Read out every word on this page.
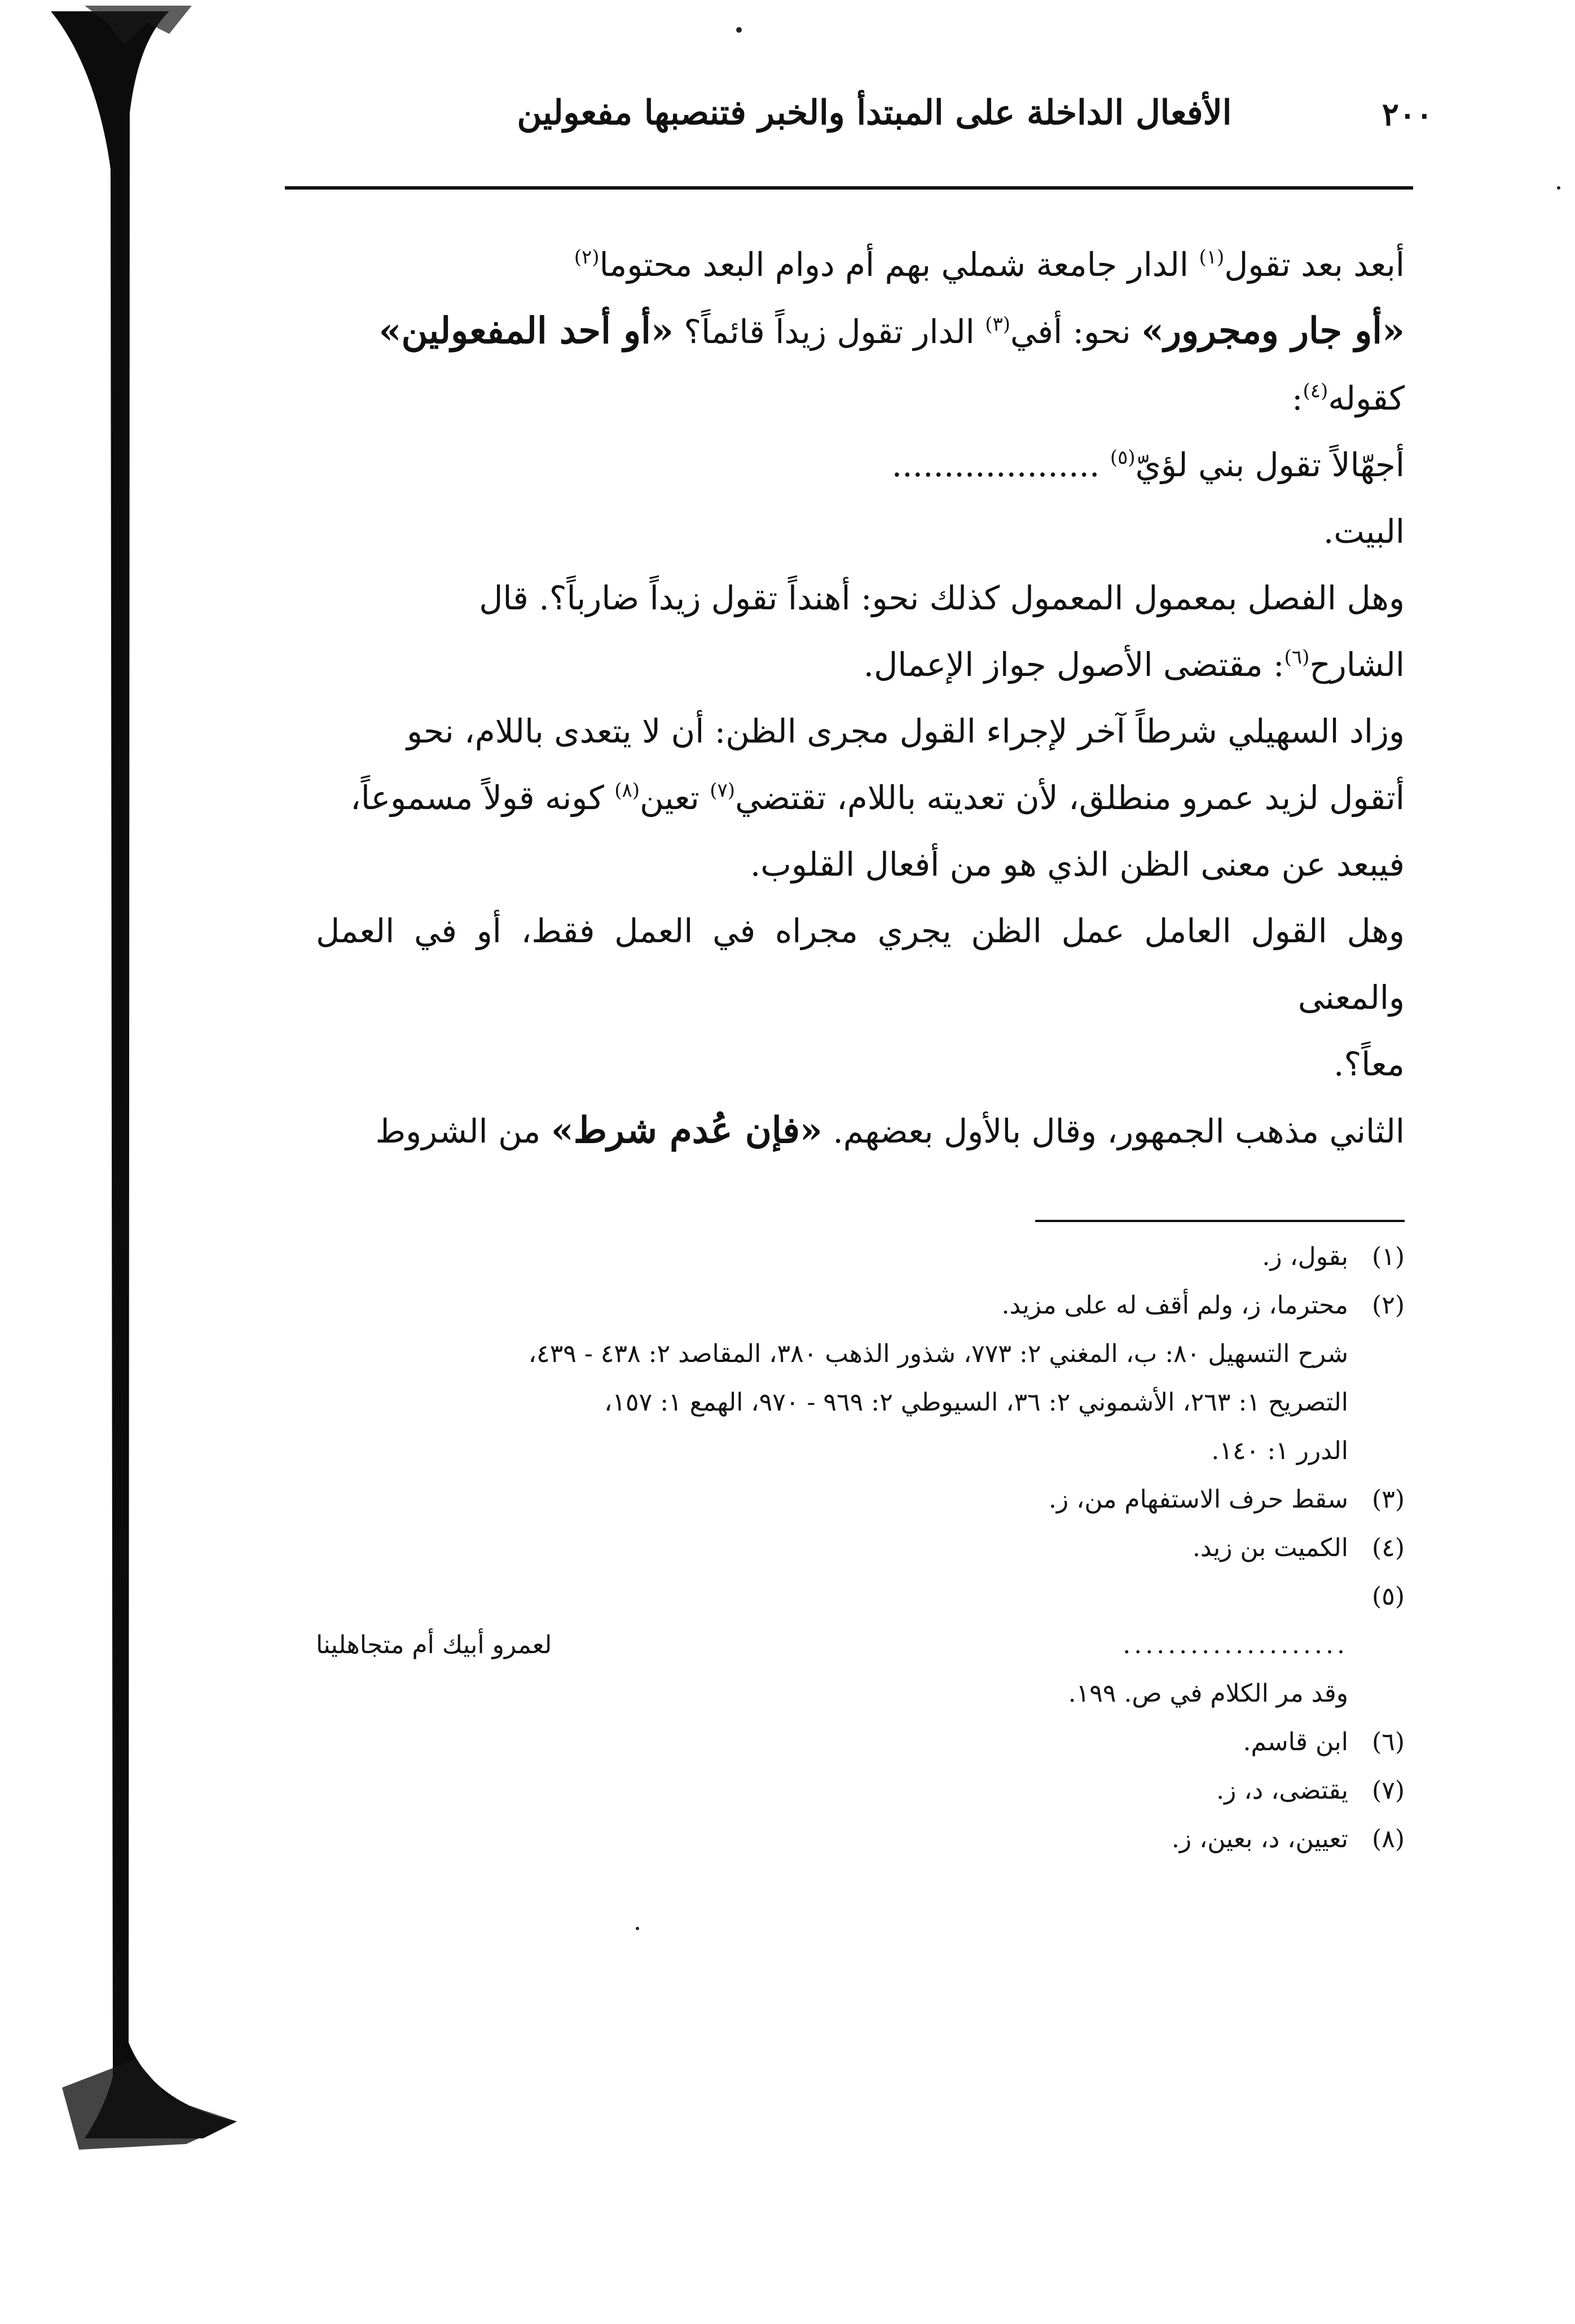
٢٠٠
الأفعال الداخلة على المبتدأ والخبر فتنصبها مفعولين
أبعد بعد تقول$^{(١)}$ الدار جامعة شملي بهم أم دوام البعد محتوما$^{(٢)}$
«أو جار ومجرور» نحو: أفي$^{(٣)}$ الدار تقول زيداً قائماً؟ «أو أحد المفعولين»
كقوله$^{(٤)}$:
أجهّالاً تقول بني لؤيّ$^{(٥)}$ ....................
البيت.
وهل الفصل بمعمول المعمول كذلك نحو: أهنداً تقول زيداً ضارباً؟. قال
الشارح$^{(٦)}$: مقتضى الأصول جواز الإعمال.
وزاد السهيلي شرطاً آخر لإجراء القول مجرى الظن: أن لا يتعدى باللام، نحو
أتقول لزيد عمرو منطلق، لأن تعديته باللام، تقتضي$^{(٧)}$ تعين$^{(٨)}$ كونه قولاً مسموعاً،
فيبعد عن معنى الظن الذي هو من أفعال القلوب.
وهل القول العامل عمل الظن يجري مجراه في العمل فقط، أو في العمل والمعنى
معاً؟.
الثاني مذهب الجمهور، وقال بالأول بعضهم. «فإن عُدم شرط» من الشروط
(١)
بقول، ز.
(٢)
محترما، ز، ولم أقف له على مزيد.
شرح التسهيل ٨٠: ب، المغني ٢: ٧٧٣، شذور الذهب ٣٨٠، المقاصد ٢: ٤٣٨ - ٤٣٩،
التصريح ١: ٢٦٣، الأشموني ٢: ٣٦، السيوطي ٢: ٩٦٩ - ٩٧٠، الهمع ١: ١٥٧،
الدرر ١: ١٤٠.
(٣)
سقط حرف الاستفهام من، ز.
(٤)
الكميت بن زيد.
(٥)
....................
لعمرو أبيك أم متجاهلينا
وقد مر الكلام في ص. ١٩٩.
(٦)
ابن قاسم.
(٧)
يقتضى، د، ز.
(٨)
تعيين، د، بعين، ز.
